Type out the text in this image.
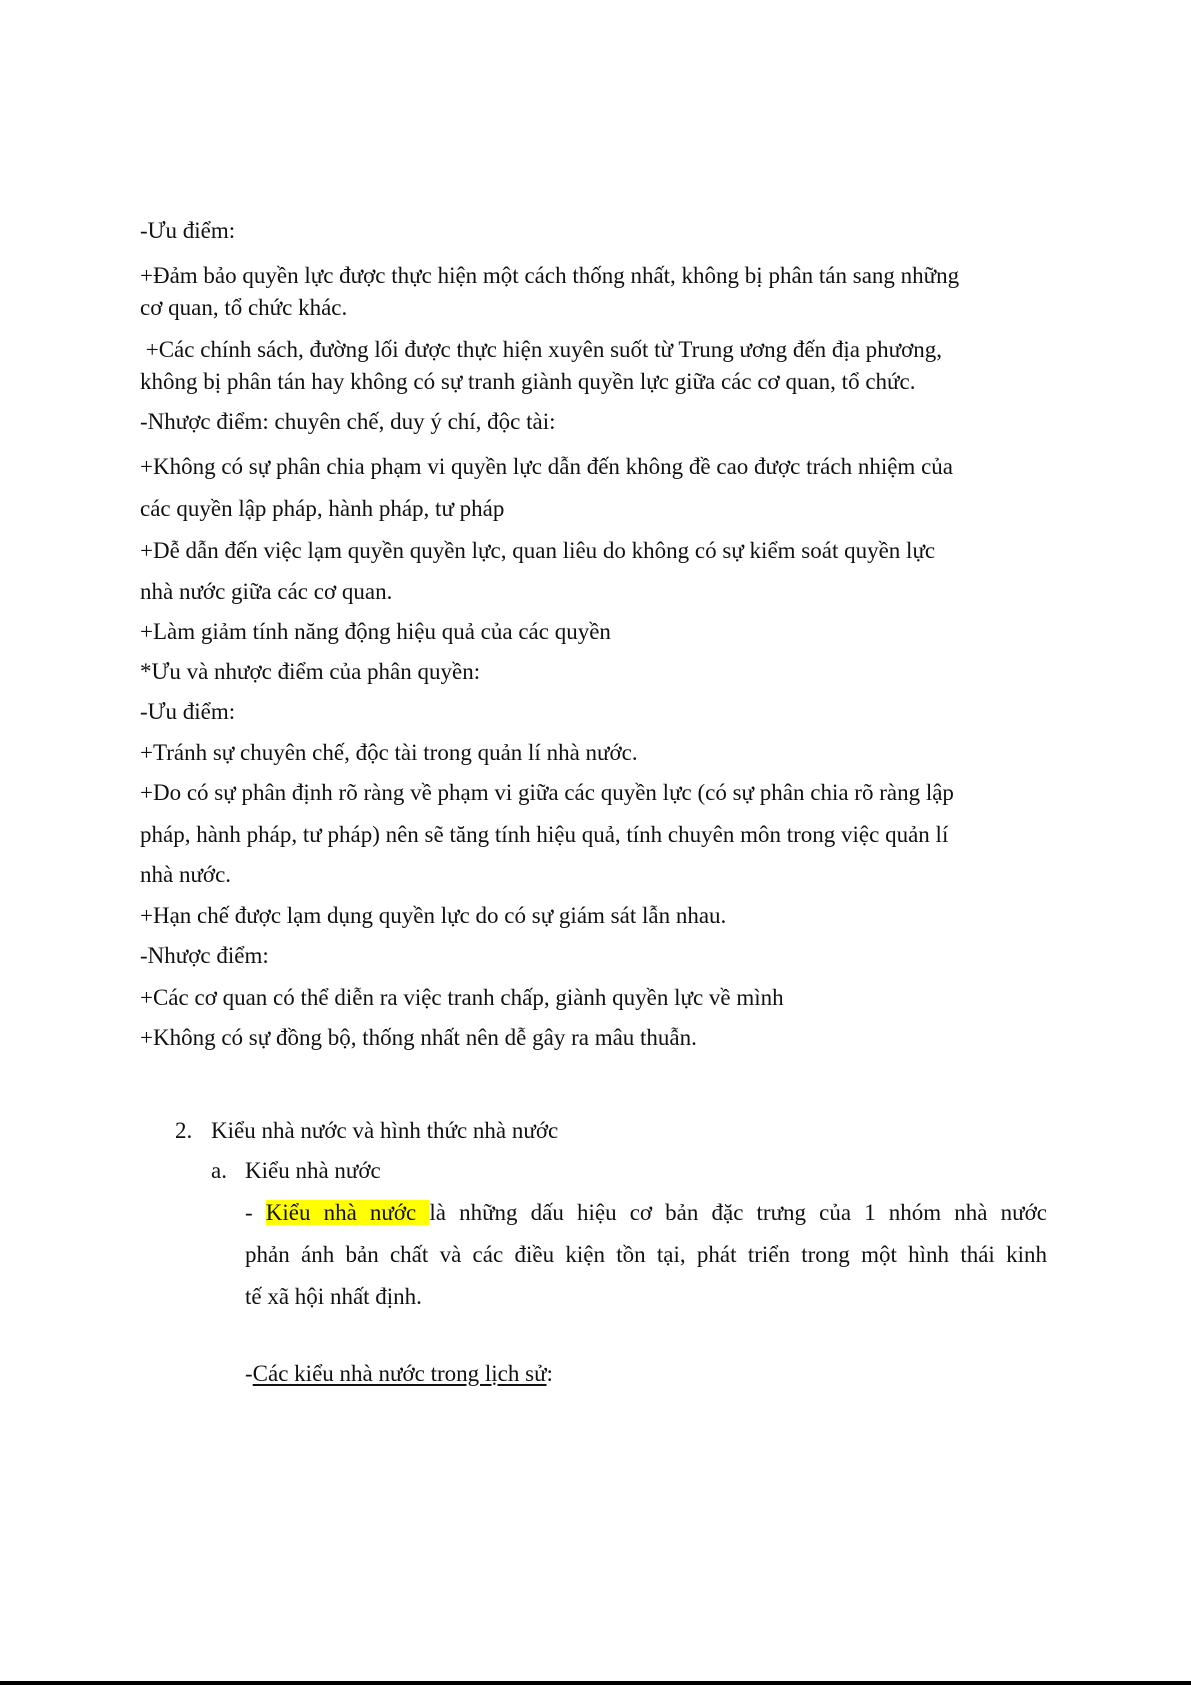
-Ưu điểm:

+Đảm bảo quyền lực được thực hiện một cách thống nhất, không bị phân tán sang những

cơ quan, tổ chức khác.

+Các chính sách, đường lối được thực hiện xuyên suốt từ Trung ương đến địa phương,

không bị phân tán hay không có sự tranh giành quyền lực giữa các cơ quan, tổ chức.

-Nhược điểm: chuyên chế, duy ý chí, độc tài:

+Không có sự phân chia phạm vi quyền lực dẫn đến không đề cao được trách nhiệm của

các quyền lập pháp, hành pháp, tư pháp

+Dễ dẫn đến việc lạm quyền quyền lực, quan liêu do không có sự kiểm soát quyền lực

nhà nước giữa các cơ quan.

+Làm giảm tính năng động hiệu quả của các quyền

*Ưu và nhược điểm của phân quyền:

-Ưu điểm:

+Tránh sự chuyên chế, độc tài trong quản lí nhà nước.

+Do có sự phân định rõ ràng về phạm vi giữa các quyền lực (có sự phân chia rõ ràng lập

pháp, hành pháp, tư pháp) nên sẽ tăng tính hiệu quả, tính chuyên môn trong việc quản lí

nhà nước.

+Hạn chế được lạm dụng quyền lực do có sự giám sát lẫn nhau.

-Nhược điểm:

+Các cơ quan có thể diễn ra việc tranh chấp, giành quyền lực về mình

+Không có sự đồng bộ, thống nhất nên dễ gây ra mâu thuẫn.

2. Kiểu nhà nước và hình thức nhà nước

a. Kiểu nhà nước

- Kiểu nhà nước là những dấu hiệu cơ bản đặc trưng của 1 nhóm nhà nước

phản ánh bản chất và các điều kiện tồn tại, phát triển trong một hình thái kinh

tế xã hội nhất định.

-Các kiểu nhà nước trong lịch sử:
